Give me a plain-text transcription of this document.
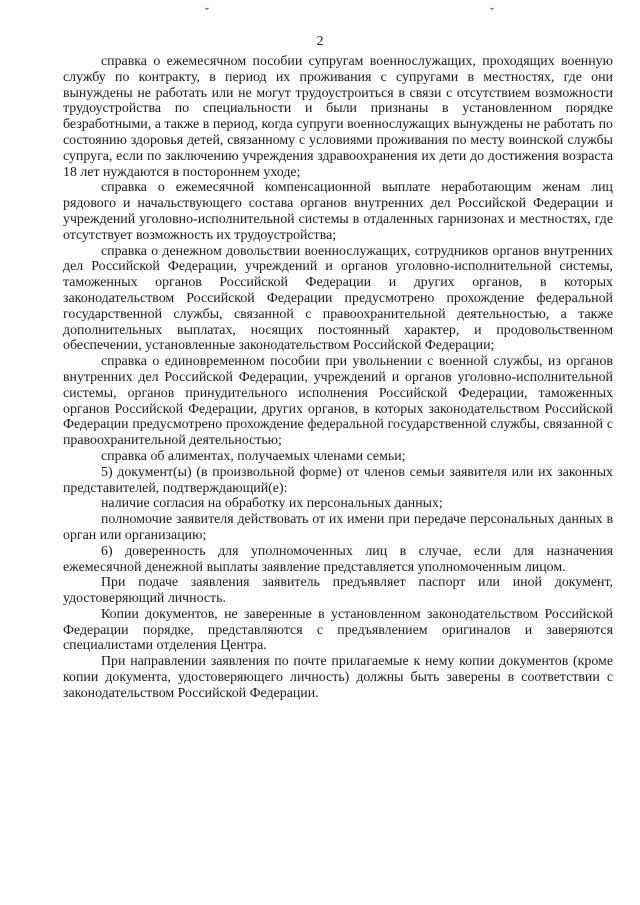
ˇ	ˇ
2

справка о ежемесячном пособии супругам военнослужащих, проходящих военную службу по контракту, в период их проживания с супругами в местностях, где они вынуждены не работать или не могут трудоустроиться в связи с отсутствием возможности трудоустройства по специальности и были признаны в установленном порядке безработными, а также в период, когда супруги военнослужащих вынуждены не работать по состоянию здоровья детей, связанному с условиями проживания по месту воинской службы супруга, если по заключению учреждения здравоохранения их дети до достижения возраста 18 лет нуждаются в постороннем уходе;

справка о ежемесячной компенсационной выплате неработающим женам лиц рядового и начальствующего состава органов внутренних дел Российской Федерации и учреждений уголовно-исполнительной системы в отдаленных гарнизонах и местностях, где отсутствует возможность их трудоустройства;

справка о денежном довольствии военнослужащих, сотрудников органов внутренних дел Российской Федерации, учреждений и органов уголовно-исполнительной системы, таможенных органов Российской Федерации и других органов, в которых законодательством Российской Федерации предусмотрено прохождение федеральной государственной службы, связанной с правоохранительной деятельностью, а также дополнительных выплатах, носящих постоянный характер, и продовольственном обеспечении, установленные законодательством Российской Федерации;

справка о единовременном пособии при увольнении с военной службы, из органов внутренних дел Российской Федерации, учреждений и органов уголовно-исполнительной системы, органов принудительного исполнения Российской Федерации, таможенных органов Российской Федерации, других органов, в которых законодательством Российской Федерации предусмотрено прохождение федеральной государственной службы, связанной с правоохранительной деятельностью;

справка об алиментах, получаемых членами семьи;

5) документ(ы) (в произвольной форме) от членов семьи заявителя или их законных представителей, подтверждающий(е):

наличие согласия на обработку их персональных данных;

полномочие заявителя действовать от их имени при передаче персональных данных в орган или организацию;

6) доверенность для уполномоченных лиц в случае, если для назначения ежемесячной денежной выплаты заявление представляется уполномоченным лицом.

При подаче заявления заявитель предъявляет паспорт или иной документ, удостоверяющий личность.

Копии документов, не заверенные в установленном законодательством Российской Федерации порядке, представляются с предъявлением оригиналов и заверяются специалистами отделения Центра.

При направлении заявления по почте прилагаемые к нему копии документов (кроме копии документа, удостоверяющего личность) должны быть заверены в соответствии с законодательством Российской Федерации.
